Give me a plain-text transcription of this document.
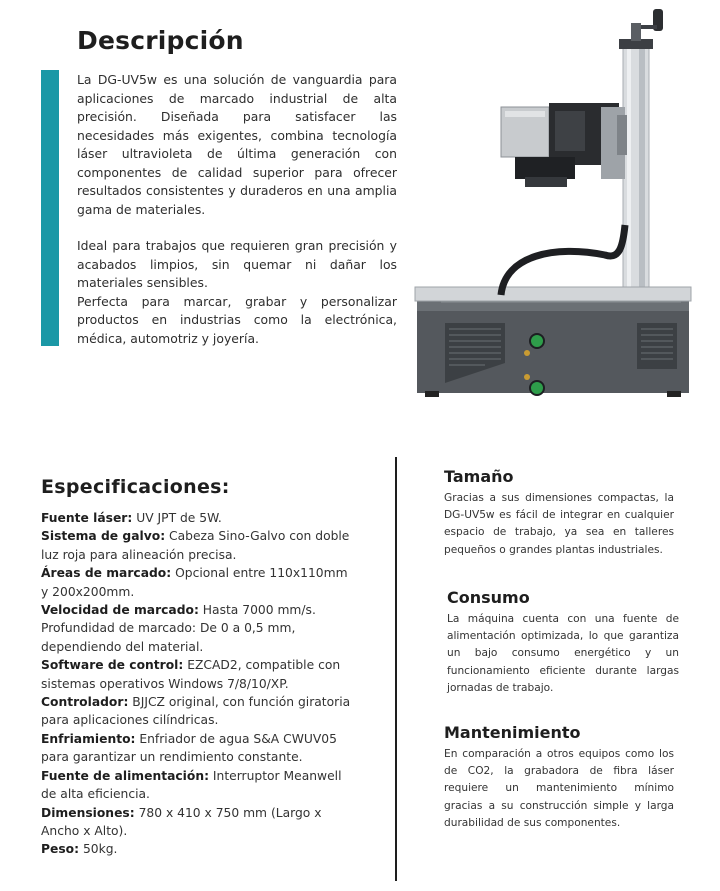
Descripción

La DG-UV5w es una solución de vanguardia para aplicaciones de marcado industrial de alta precisión. Diseñada para satisfacer las necesidades más exigentes, combina tecnología láser ultravioleta de última generación con componentes de calidad superior para ofrecer resultados consistentes y duraderos en una amplia gama de materiales.

Ideal para trabajos que requieren gran precisión y acabados limpios, sin quemar ni dañar los materiales sensibles.

Perfecta para marcar, grabar y personalizar productos en industrias como la electrónica, médica, automotriz y joyería.

Especificaciones:
Fuente láser: UV JPT de 5W.
Sistema de galvo: Cabeza Sino-Galvo con doble luz roja para alineación precisa.
Áreas de marcado: Opcional entre 110x110mm y 200x200mm.
Velocidad de marcado: Hasta 7000 mm/s. Profundidad de marcado: De 0 a 0,5 mm, dependiendo del material.
Software de control: EZCAD2, compatible con sistemas operativos Windows 7/8/10/XP.
Controlador: BJJCZ original, con función giratoria para aplicaciones cilíndricas.
Enfriamiento: Enfriador de agua S&A CWUV05 para garantizar un rendimiento constante.
Fuente de alimentación: Interruptor Meanwell de alta eficiencia.
Dimensiones: 780 x 410 x 750 mm (Largo x Ancho x Alto).
Peso: 50kg.
Tamaño

Gracias a sus dimensiones compactas, la DG-UV5w es fácil de integrar en cualquier espacio de trabajo, ya sea en talleres pequeños o grandes plantas industriales.

Consumo

La máquina cuenta con una fuente de alimentación optimizada, lo que garantiza un bajo consumo energético y un funcionamiento eficiente durante largas jornadas de trabajo.

Mantenimiento

En comparación a otros equipos como los de CO2, la grabadora de fibra láser requiere un mantenimiento mínimo gracias a su construcción simple y larga durabilidad de sus componentes.
